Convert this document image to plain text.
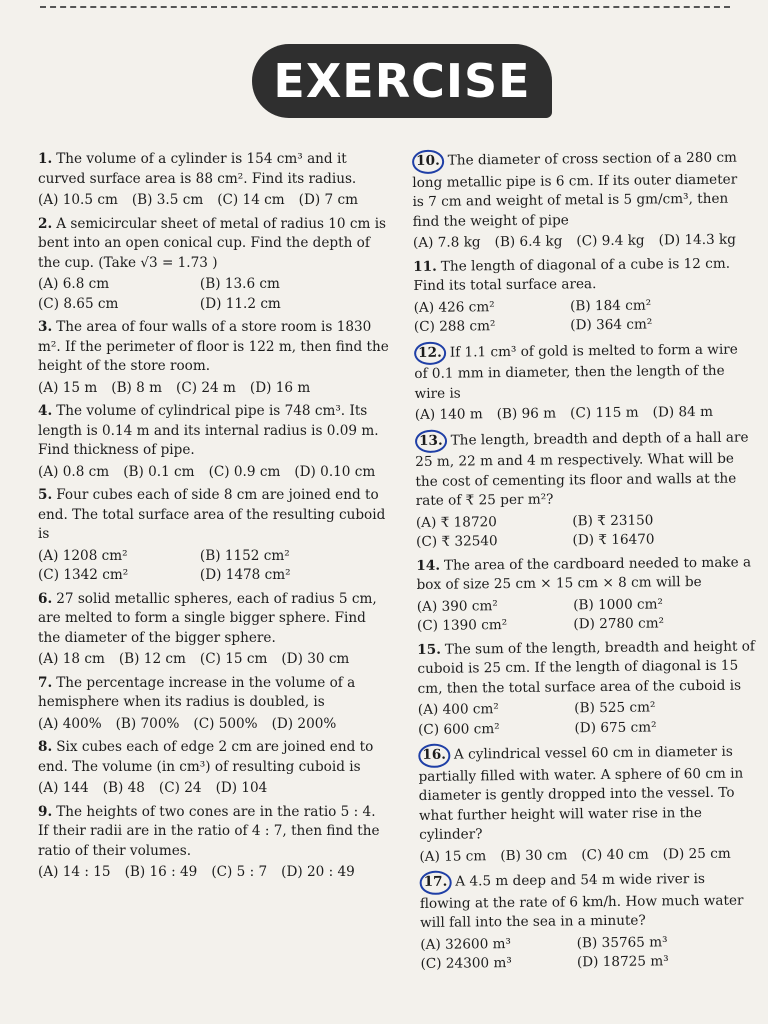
EXERCISE
1. The volume of a cylinder is 154 cm³ and it curved surface area is 88 cm². Find its radius.
(A) 10.5 cm (B) 3.5 cm (C) 14 cm (D) 7 cm
2. A semicircular sheet of metal of radius 10 cm is bent into an open conical cup. Find the depth of the cup. (Take √3 = 1.73 )
(A) 6.8 cm	(B) 13.6 cm
(C) 8.65 cm	(D) 11.2 cm
3. The area of four walls of a store room is 1830 m². If the perimeter of floor is 122 m, then find the height of the store room.
(A) 15 m (B) 8 m (C) 24 m (D) 16 m
4. The volume of cylindrical pipe is 748 cm³. Its length is 0.14 m and its internal radius is 0.09 m. Find thickness of pipe.
(A) 0.8 cm (B) 0.1 cm (C) 0.9 cm (D) 0.10 cm
5. Four cubes each of side 8 cm are joined end to end. The total surface area of the resulting cuboid is
(A) 1208 cm²	(B) 1152 cm²
(C) 1342 cm²	(D) 1478 cm²
6. 27 solid metallic spheres, each of radius 5 cm, are melted to form a single bigger sphere. Find the diameter of the bigger sphere.
(A) 18 cm (B) 12 cm (C) 15 cm (D) 30 cm
7. The percentage increase in the volume of a hemisphere when its radius is doubled, is
(A) 400% (B) 700% (C) 500% (D) 200%
8. Six cubes each of edge 2 cm are joined end to end. The volume (in cm³) of resulting cuboid is
(A) 144 (B) 48 (C) 24 (D) 104
9. The heights of two cones are in the ratio 5 : 4. If their radii are in the ratio of 4 : 7, then find the ratio of their volumes.
(A) 14 : 15 (B) 16 : 49 (C) 5 : 7 (D) 20 : 49
10. The diameter of cross section of a 280 cm long metallic pipe is 6 cm. If its outer diameter is 7 cm and weight of metal is 5 gm/cm³, then find the weight of pipe
(A) 7.8 kg (B) 6.4 kg (C) 9.4 kg (D) 14.3 kg
11. The length of diagonal of a cube is 12 cm. Find its total surface area.
(A) 426 cm²	(B) 184 cm²
(C) 288 cm²	(D) 364 cm²
12. If 1.1 cm³ of gold is melted to form a wire of 0.1 mm in diameter, then the length of the wire is
(A) 140 m (B) 96 m (C) 115 m (D) 84 m
13. The length, breadth and depth of a hall are 25 m, 22 m and 4 m respectively. What will be the cost of cementing its floor and walls at the rate of ₹ 25 per m²?
(A) ₹ 18720	(B) ₹ 23150
(C) ₹ 32540	(D) ₹ 16470
14. The area of the cardboard needed to make a box of size 25 cm × 15 cm × 8 cm will be
(A) 390 cm²	(B) 1000 cm²
(C) 1390 cm²	(D) 2780 cm²
15. The sum of the length, breadth and height of cuboid is 25 cm. If the length of diagonal is 15 cm, then the total surface area of the cuboid is
(A) 400 cm²	(B) 525 cm²
(C) 600 cm²	(D) 675 cm²
16. A cylindrical vessel 60 cm in diameter is partially filled with water. A sphere of 60 cm in diameter is gently dropped into the vessel. To what further height will water rise in the cylinder?
(A) 15 cm (B) 30 cm (C) 40 cm (D) 25 cm
17. A 4.5 m deep and 54 m wide river is flowing at the rate of 6 km/h. How much water will fall into the sea in a minute?
(A) 32600 m³	(B) 35765 m³
(C) 24300 m³	(D) 18725 m³
